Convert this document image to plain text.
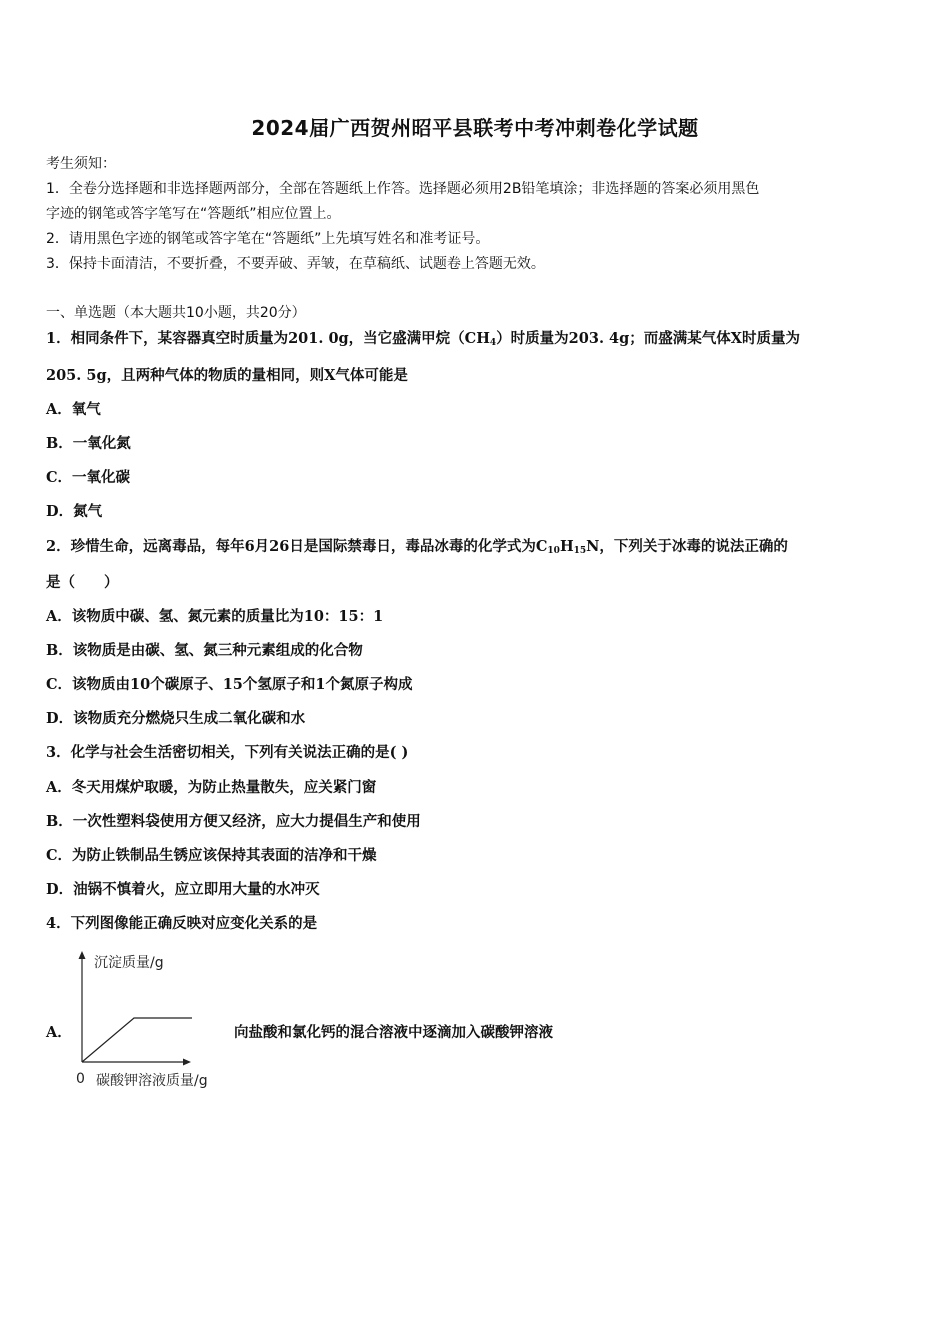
2024届广西贺州昭平县联考中考冲刺卷化学试题
考生须知：
1．全卷分选择题和非选择题两部分，全部在答题纸上作答。选择题必须用2B铅笔填涂；非选择题的答案必须用黑色
字迹的钢笔或答字笔写在“答题纸”相应位置上。
2．请用黑色字迹的钢笔或答字笔在“答题纸”上先填写姓名和准考证号。
3．保持卡面清洁，不要折叠，不要弄破、弄皱，在草稿纸、试题卷上答题无效。
一、单选题（本大题共10小题，共20分）
1．相同条件下，某容器真空时质量为201. 0g，当它盛满甲烷$(CH_4)$时质量为203. 4g；而盛满某气体X时质量为
205. 5g，且两种气体的物质的量相同，则X气体可能是
A．氧气
B．一氧化氮
C．一氧化碳
D．氮气
2．珍惜生命，远离毒品，每年6月26日是国际禁毒日，毒品冰毒的化学式为$C_{10}H_{15}N$，下列关于冰毒的说法正确的
是（　　）
A．该物质中碳、氢、氮元素的质量比为10：15：1
B．该物质是由碳、氢、氮三种元素组成的化合物
C．该物质由10个碳原子、15个氢原子和1个氮原子构成
D．该物质充分燃烧只生成二氧化碳和水
3．化学与社会生活密切相关，下列有关说法正确的是( )
A．冬天用煤炉取暖，为防止热量散失，应关紧门窗
B．一次性塑料袋使用方便又经济，应大力提倡生产和使用
C．为防止铁制品生锈应该保持其表面的洁净和干燥
D．油锅不慎着火，应立即用大量的水冲灭
4．下列图像能正确反映对应变化关系的是
A．
沉淀质量/g
0 碳酸钾溶液质量/g
向盐酸和氯化钙的混合溶液中逐滴加入碳酸钾溶液
